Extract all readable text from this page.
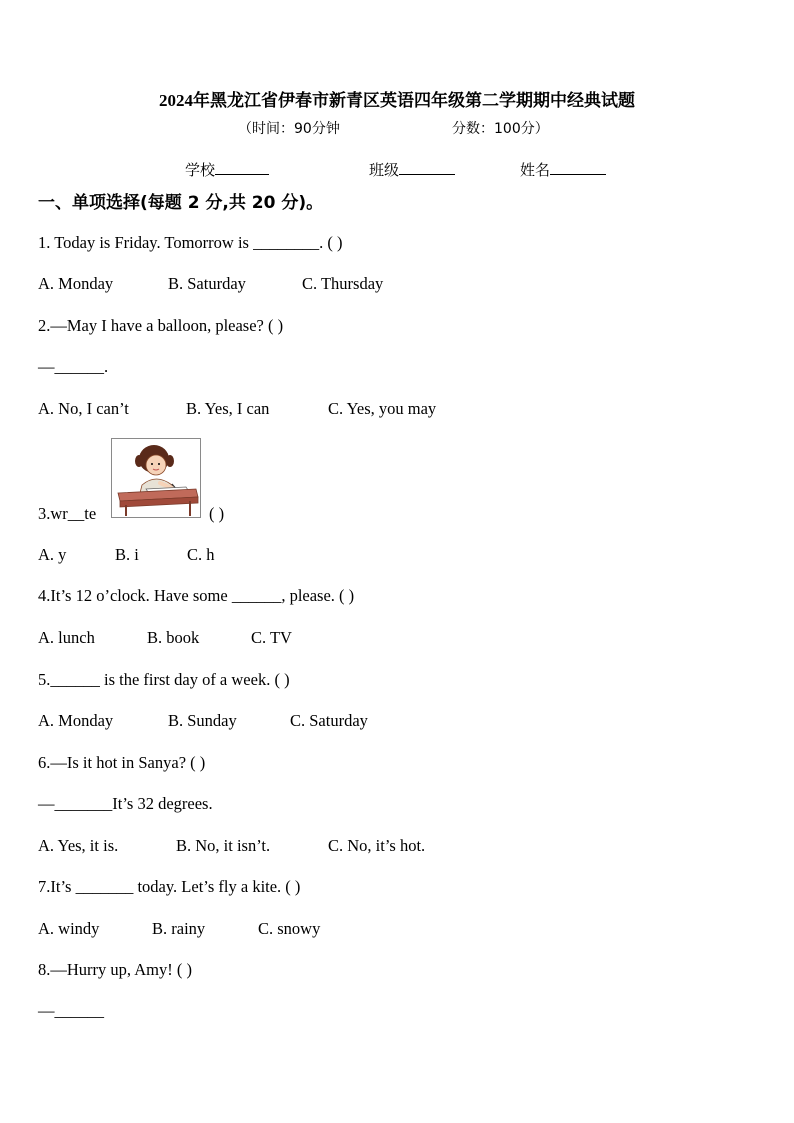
2024年黑龙江省伊春市新青区英语四年级第二学期期中经典试题
（时间：90分钟	分数：100分）
学校	班级	姓名
一、单项选择(每题 2 分,共 20 分)。
1. Today is Friday. Tomorrow is ________. ( )
A. Monday	B. Saturday	C. Thursday
2.—May I have a balloon, please? ( )
—______.
A. No, I can’t	B. Yes, I can	C. Yes, you may
3.wr__te	( )
A. y	B. i	C. h
4.It’s 12 o’clock. Have some ______, please. ( )
A. lunch	B. book	C. TV
5.______ is the first day of a week. ( )
A. Monday	B. Sunday	C. Saturday
6.—Is it hot in Sanya? ( )
—_______It’s 32 degrees.
A. Yes, it is.	B. No, it isn’t.	C. No, it’s hot.
7.It’s _______ today. Let’s fly a kite. ( )
A. windy	B. rainy	C. snowy
8.—Hurry up, Amy! ( )
—______
